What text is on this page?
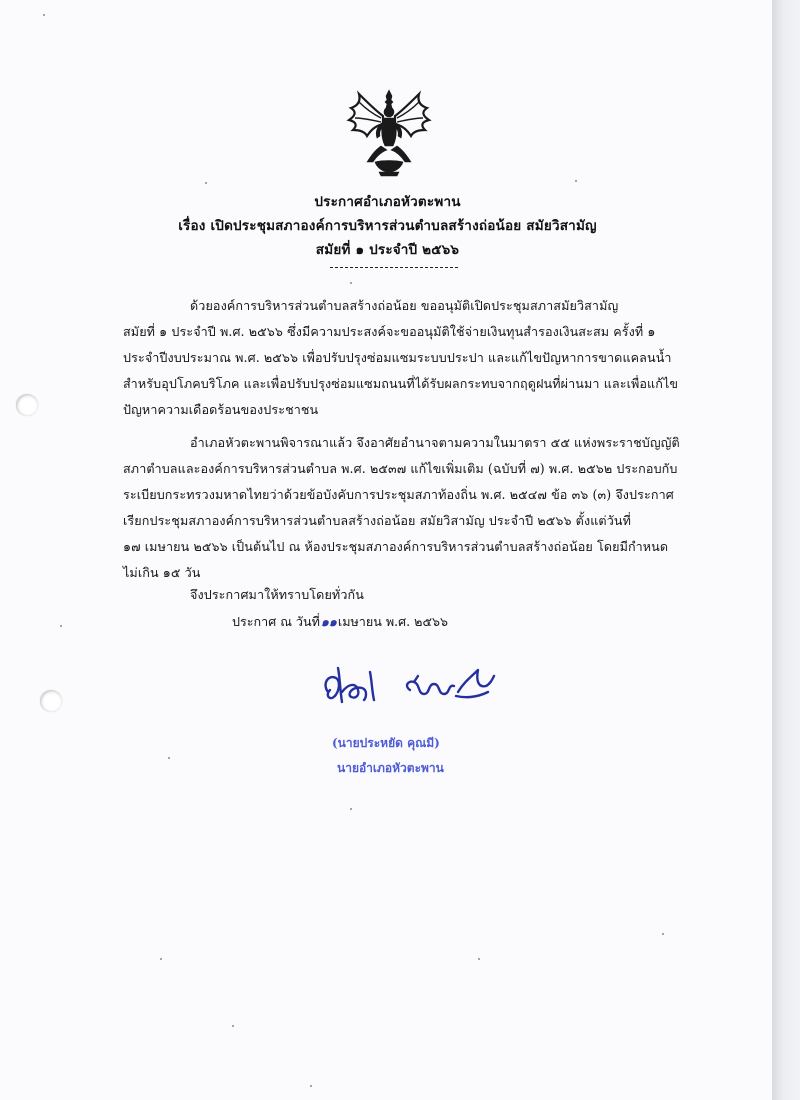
ประกาศอำเภอหัวตะพาน
เรื่อง เปิดประชุมสภาองค์การบริหารส่วนตำบลสร้างถ่อน้อย สมัยวิสามัญ
สมัยที่ ๑ ประจำปี ๒๕๖๖
ด้วยองค์การบริหารส่วนตำบลสร้างถ่อน้อย ขออนุมัติเปิดประชุมสภาสมัยวิสามัญ
สมัยที่ ๑ ประจำปี พ.ศ. ๒๕๖๖ ซึ่งมีความประสงค์จะขออนุมัติใช้จ่ายเงินทุนสำรองเงินสะสม ครั้งที่ ๑
ประจำปีงบประมาณ พ.ศ. ๒๕๖๖ เพื่อปรับปรุงซ่อมแซมระบบประปา และแก้ไขปัญหาการขาดแคลนน้ำ
สำหรับอุปโภคบริโภค และเพื่อปรับปรุงซ่อมแซมถนนที่ได้รับผลกระทบจากฤดูฝนที่ผ่านมา และเพื่อแก้ไข
ปัญหาความเดือดร้อนของประชาชน
อำเภอหัวตะพานพิจารณาแล้ว จึงอาศัยอำนาจตามความในมาตรา ๕๕ แห่งพระราชบัญญัติ
สภาตำบลและองค์การบริหารส่วนตำบล พ.ศ. ๒๕๓๗ แก้ไขเพิ่มเติม (ฉบับที่ ๗) พ.ศ. ๒๕๖๒ ประกอบกับ
ระเบียบกระทรวงมหาดไทยว่าด้วยข้อบังคับการประชุมสภาท้องถิ่น พ.ศ. ๒๕๔๗ ข้อ ๓๖ (๓) จึงประกาศ
เรียกประชุมสภาองค์การบริหารส่วนตำบลสร้างถ่อน้อย สมัยวิสามัญ ประจำปี ๒๕๖๖ ตั้งแต่วันที่
๑๗ เมษายน ๒๕๖๖ เป็นต้นไป ณ ห้องประชุมสภาองค์การบริหารส่วนตำบลสร้างถ่อน้อย โดยมีกำหนด
ไม่เกิน ๑๕ วัน
จึงประกาศมาให้ทราบโดยทั่วกัน
ประกาศ ณ วันที่๑๑เมษายน พ.ศ. ๒๕๖๖
(นายประหยัด คุณมี)
นายอำเภอหัวตะพาน
